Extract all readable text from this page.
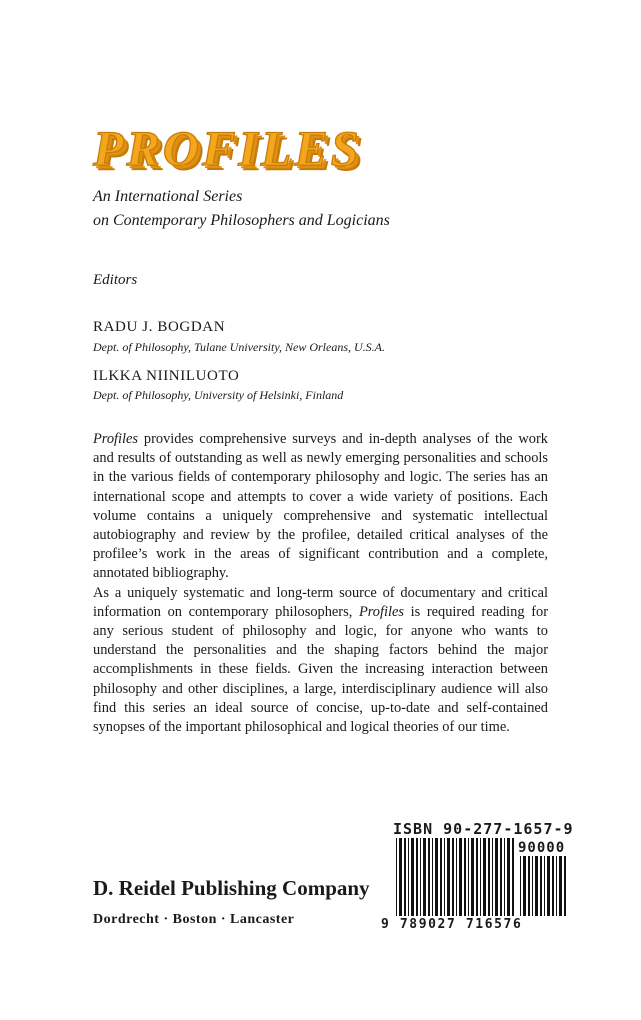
PROFILES
An International Series
on Contemporary Philosophers and Logicians
Editors
RADU J. BOGDAN
Dept. of Philosophy, Tulane University, New Orleans, U.S.A.
ILKKA NIINILUOTO
Dept. of Philosophy, University of Helsinki, Finland

Profiles provides comprehensive surveys and in-depth analyses of the work and results of outstanding as well as newly emerging personalities and schools in the various fields of contemporary philosophy and logic. The series has an international scope and attempts to cover a wide variety of positions. Each volume contains a uniquely comprehensive and systematic intellectual autobiography and review by the profilee, detailed critical analyses of the profilee’s work in the areas of significant contribution and a complete, annotated bibliography.

As a uniquely systematic and long-term source of documentary and critical information on contemporary philosophers, Profiles is required reading for any serious student of philosophy and logic, for anyone who wants to understand the personalities and the shaping factors behind the major accomplishments in these fields. Given the increasing interaction between philosophy and other disciplines, a large, interdisciplinary audience will also find this series an ideal source of concise, up-to-date and self-contained synopses of the important philosophical and logical theories of our time.

D. Reidel Publishing Company
Dordrecht · Boston · Lancaster
ISBN 90-277-1657-9
90000
9 789027 716576
